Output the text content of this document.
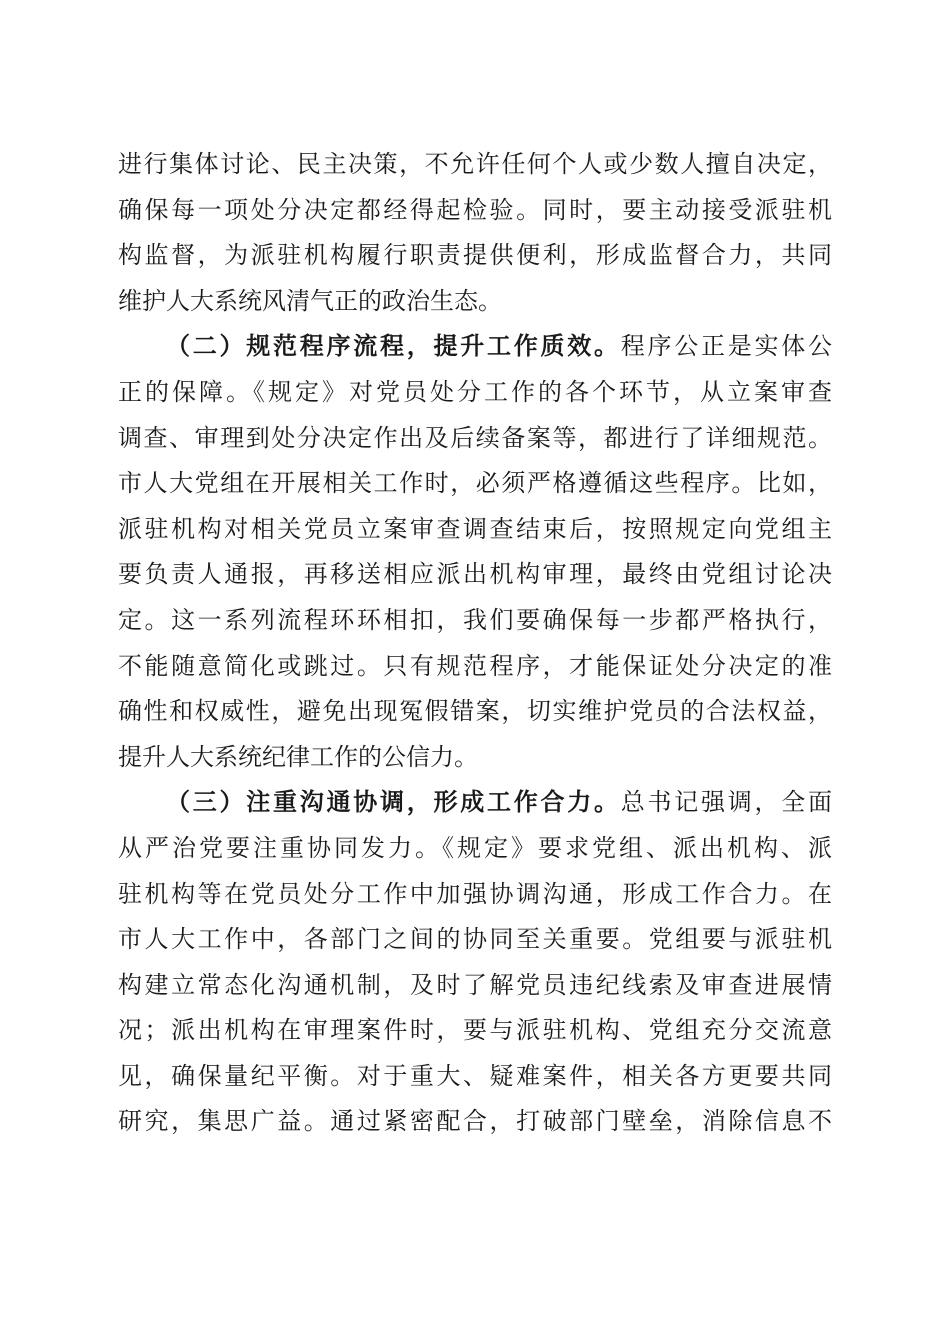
进行集体讨论、民主决策，不允许任何个人或少数人擅自决定，
确保每一项处分决定都经得起检验。同时，要主动接受派驻机
构监督，为派驻机构履行职责提供便利，形成监督合力，共同
维护人大系统风清气正的政治生态。
（二）规范程序流程，提升工作质效。程序公正是实体公
正的保障。《规定》对党员处分工作的各个环节，从立案审查
调查、审理到处分决定作出及后续备案等，都进行了详细规范。
市人大党组在开展相关工作时，必须严格遵循这些程序。比如，
派驻机构对相关党员立案审查调查结束后，按照规定向党组主
要负责人通报，再移送相应派出机构审理，最终由党组讨论决
定。这一系列流程环环相扣，我们要确保每一步都严格执行，
不能随意简化或跳过。只有规范程序，才能保证处分决定的准
确性和权威性，避免出现冤假错案，切实维护党员的合法权益，
提升人大系统纪律工作的公信力。
（三）注重沟通协调，形成工作合力。总书记强调，全面
从严治党要注重协同发力。《规定》要求党组、派出机构、派
驻机构等在党员处分工作中加强协调沟通，形成工作合力。在
市人大工作中，各部门之间的协同至关重要。党组要与派驻机
构建立常态化沟通机制，及时了解党员违纪线索及审查进展情
况；派出机构在审理案件时，要与派驻机构、党组充分交流意
见，确保量纪平衡。对于重大、疑难案件，相关各方更要共同
研究，集思广益。通过紧密配合，打破部门壁垒，消除信息不
